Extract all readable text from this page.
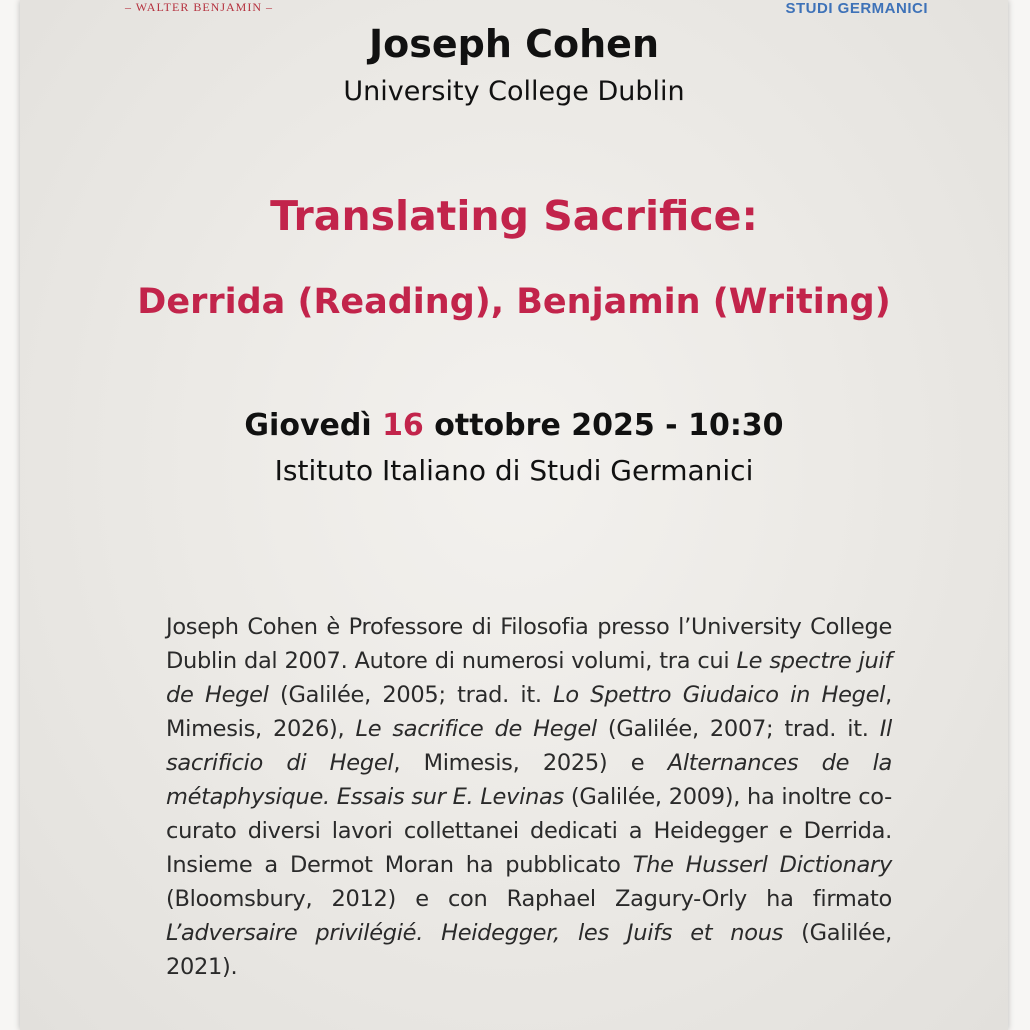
– WALTER BENJAMIN –	STUDI GERMANICI
Joseph Cohen
University College Dublin
Translating Sacrifice:
Derrida (Reading), Benjamin (Writing)
Giovedì 16 ottobre 2025 - 10:30
Istituto Italiano di Studi Germanici
Joseph Cohen è Professore di Filosofia presso l’University College Dublin dal 2007. Autore di numerosi volumi, tra cui Le spectre juif de Hegel (Galilée, 2005; trad. it. Lo Spettro Giudaico in Hegel, Mimesis, 2026), Le sacrifice de Hegel (Galilée, 2007; trad. it. Il sacrificio di Hegel, Mimesis, 2025) e Alternances de la métaphysique. Essais sur E. Levinas (Galilée, 2009), ha inoltre co-curato diversi lavori collettanei dedicati a Heidegger e Derrida. Insieme a Dermot Moran ha pubblicato The Husserl Dictionary (Bloomsbury, 2012) e con Raphael Zagury-Orly ha firmato L’adversaire privilégié. Heidegger, les Juifs et nous (Galilée, 2021).
